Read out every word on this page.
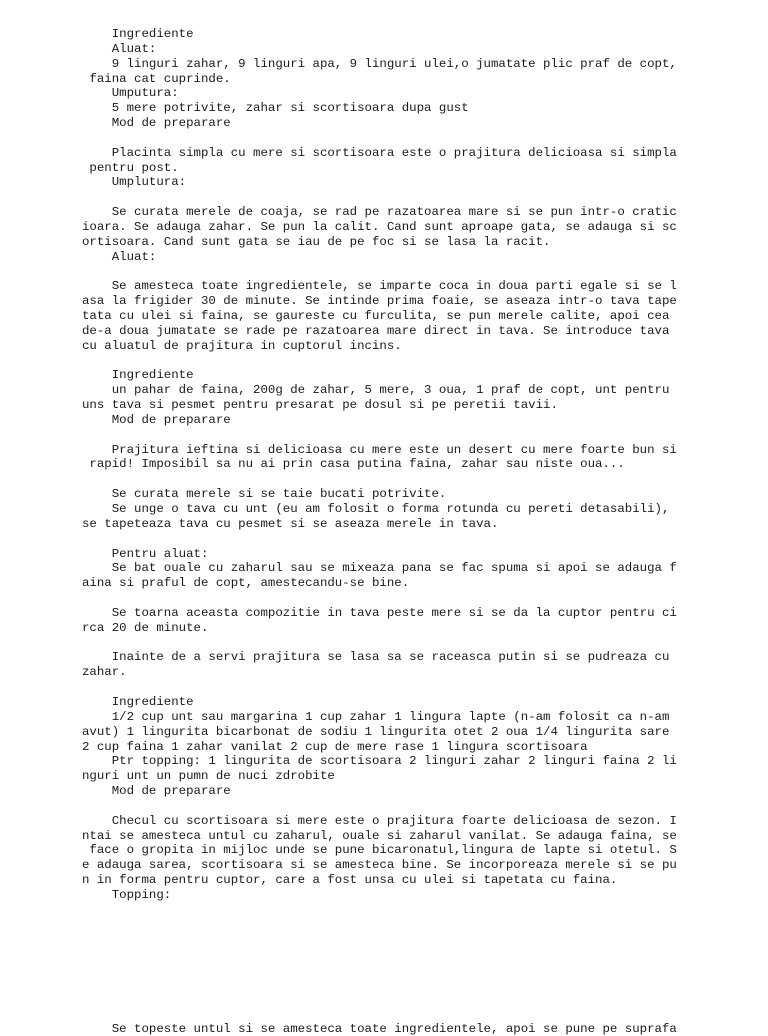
Ingrediente
Aluat:
9 linguri zahar, 9 linguri apa, 9 linguri ulei,o jumatate plic praf de copt,
faina cat cuprinde.
Umputura:
5 mere potrivite, zahar si scortisoara dupa gust
Mod de preparare
Placinta simpla cu mere si scortisoara este o prajitura delicioasa si simpla
pentru post.
Umplutura:
Se curata merele de coaja, se rad pe razatoarea mare si se pun intr-o cratic
ioara. Se adauga zahar. Se pun la calit. Cand sunt aproape gata, se adauga si sc
ortisoara. Cand sunt gata se iau de pe foc si se lasa la racit.
Aluat:
Se amesteca toate ingredientele, se imparte coca in doua parti egale si se l
asa la frigider 30 de minute. Se intinde prima foaie, se aseaza intr-o tava tape
tata cu ulei si faina, se gaureste cu furculita, se pun merele calite, apoi cea
de-a doua jumatate se rade pe razatoarea mare direct in tava. Se introduce tava
cu aluatul de prajitura in cuptorul incins.
Ingrediente
un pahar de faina, 200g de zahar, 5 mere, 3 oua, 1 praf de copt, unt pentru
uns tava si pesmet pentru presarat pe dosul si pe peretii tavii.
Mod de preparare
Prajitura ieftina si delicioasa cu mere este un desert cu mere foarte bun si
rapid! Imposibil sa nu ai prin casa putina faina, zahar sau niste oua...
Se curata merele si se taie bucati potrivite.
Se unge o tava cu unt (eu am folosit o forma rotunda cu pereti detasabili),
se tapeteaza tava cu pesmet si se aseaza merele in tava.
Pentru aluat:
Se bat ouale cu zaharul sau se mixeaza pana se fac spuma si apoi se adauga f
aina si praful de copt, amestecandu-se bine.
Se toarna aceasta compozitie in tava peste mere si se da la cuptor pentru ci
rca 20 de minute.
Inainte de a servi prajitura se lasa sa se raceasca putin si se pudreaza cu
zahar.
Ingrediente
1/2 cup unt sau margarina 1 cup zahar 1 lingura lapte (n-am folosit ca n-am
avut) 1 lingurita bicarbonat de sodiu 1 lingurita otet 2 oua 1/4 lingurita sare
2 cup faina 1 zahar vanilat 2 cup de mere rase 1 lingura scortisoara
Ptr topping: 1 lingurita de scortisoara 2 linguri zahar 2 linguri faina 2 li
nguri unt un pumn de nuci zdrobite
Mod de preparare
Checul cu scortisoara si mere este o prajitura foarte delicioasa de sezon. I
ntai se amesteca untul cu zaharul, ouale si zaharul vanilat. Se adauga faina, se
face o gropita in mijloc unde se pune bicaronatul,lingura de lapte si otetul. S
e adauga sarea, scortisoara si se amesteca bine. Se incorporeaza merele si se pu
n in forma pentru cuptor, care a fost unsa cu ulei si tapetata cu faina.
Topping:
Se topeste untul si se amesteca toate ingredientele, apoi se pune pe suprafa
